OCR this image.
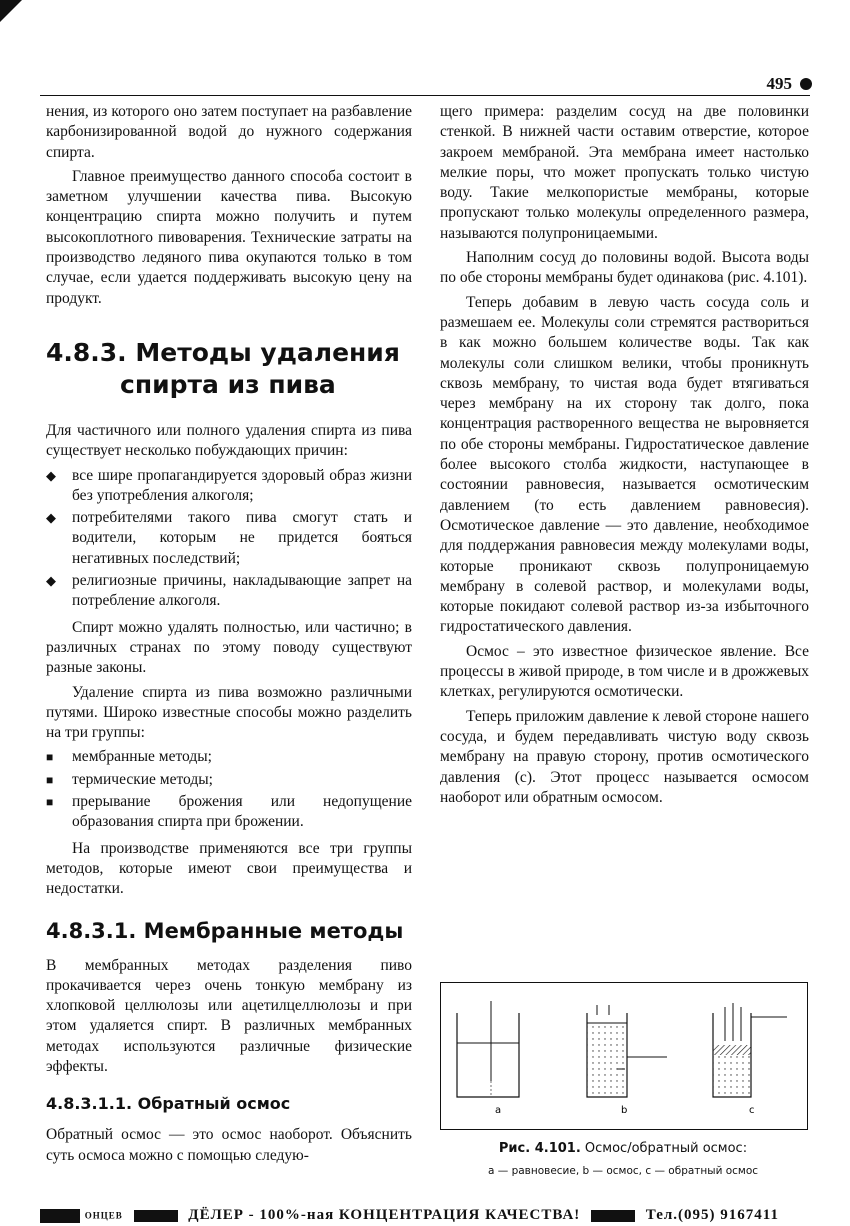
495

нения, из которого оно затем поступает на разбавление карбонизированной водой до нужного содержания спирта.

Главное преимущество данного способа состоит в заметном улучшении качества пива. Высокую концентрацию спирта можно получить и путем высокоплотного пивоварения. Технические затраты на производство ледяного пива окупаются только в том случае, если удается поддерживать высокую цену на продукт.

4.8.3. Методы удаления
спирта из пива

Для частичного или полного удаления спирта из пива существует несколько побуждающих причин:

◆ все шире пропагандируется здоровый образ жизни без употребления алкоголя;
◆ потребителями такого пива смогут стать и водители, которым не придется бояться негативных последствий;
◆ религиозные причины, накладывающие запрет на потребление алкоголя.

Спирт можно удалять полностью, или частично; в различных странах по этому поводу существуют разные законы.

Удаление спирта из пива возможно различными путями. Широко известные способы можно разделить на три группы:

■ мембранные методы;
■ термические методы;
■ прерывание брожения или недопущение образования спирта при брожении.

На производстве применяются все три группы методов, которые имеют свои преимущества и недостатки.

4.8.3.1. Мембранные методы

В мембранных методах разделения пиво прокачивается через очень тонкую мембрану из хлопковой целлюлозы или ацетилцеллюлозы и при этом удаляется спирт. В различных мембранных методах используются различные физические эффекты.

4.8.3.1.1. Обратный осмос

Обратный осмос — это осмос наоборот. Объяснить суть осмоса можно с помощью следую-

щего примера: разделим сосуд на две половинки стенкой. В нижней части оставим отверстие, которое закроем мембраной. Эта мембрана имеет настолько мелкие поры, что может пропускать только чистую воду. Такие мелкопористые мембраны, которые пропускают только молекулы определенного размера, называются полупроницаемыми.

Наполним сосуд до половины водой. Высота воды по обе стороны мембраны будет одинакова (рис. 4.101).

Теперь добавим в левую часть сосуда соль и размешаем ее. Молекулы соли стремятся раствориться в как можно большем количестве воды. Так как молекулы соли слишком велики, чтобы проникнуть сквозь мембрану, то чистая вода будет втягиваться через мембрану на их сторону так долго, пока концентрация растворенного вещества не выровняется по обе стороны мембраны. Гидростатическое давление более высокого столба жидкости, наступающее в состоянии равновесия, называется осмотическим давлением (то есть давлением равновесия). Осмотическое давление — это давление, необходимое для поддержания равновесия между молекулами воды, которые проникают сквозь полупроницаемую мембрану в солевой раствор, и молекулами воды, которые покидают солевой раствор из-за избыточного гидростатического давления.

Осмос – это известное физическое явление. Все процессы в живой природе, в том числе и в дрожжевых клетках, регулируются осмотически.

Теперь приложим давление к левой стороне нашего сосуда, и будем передавливать чистую воду сквозь мембрану на правую сторону, против осмотического давления (c). Этот процесс называется осмосом наоборот или обратным осмосом.

a	b	c
Рис. 4.101. Осмос/обратный осмос:
а — равновесие, b — осмос, c — обратный осмос
ОНЦЕВ	ДЁЛЕР - 100%-ная КОНЦЕНТРАЦИЯ КАЧЕСТВА!	Тел.(095) 9167411
